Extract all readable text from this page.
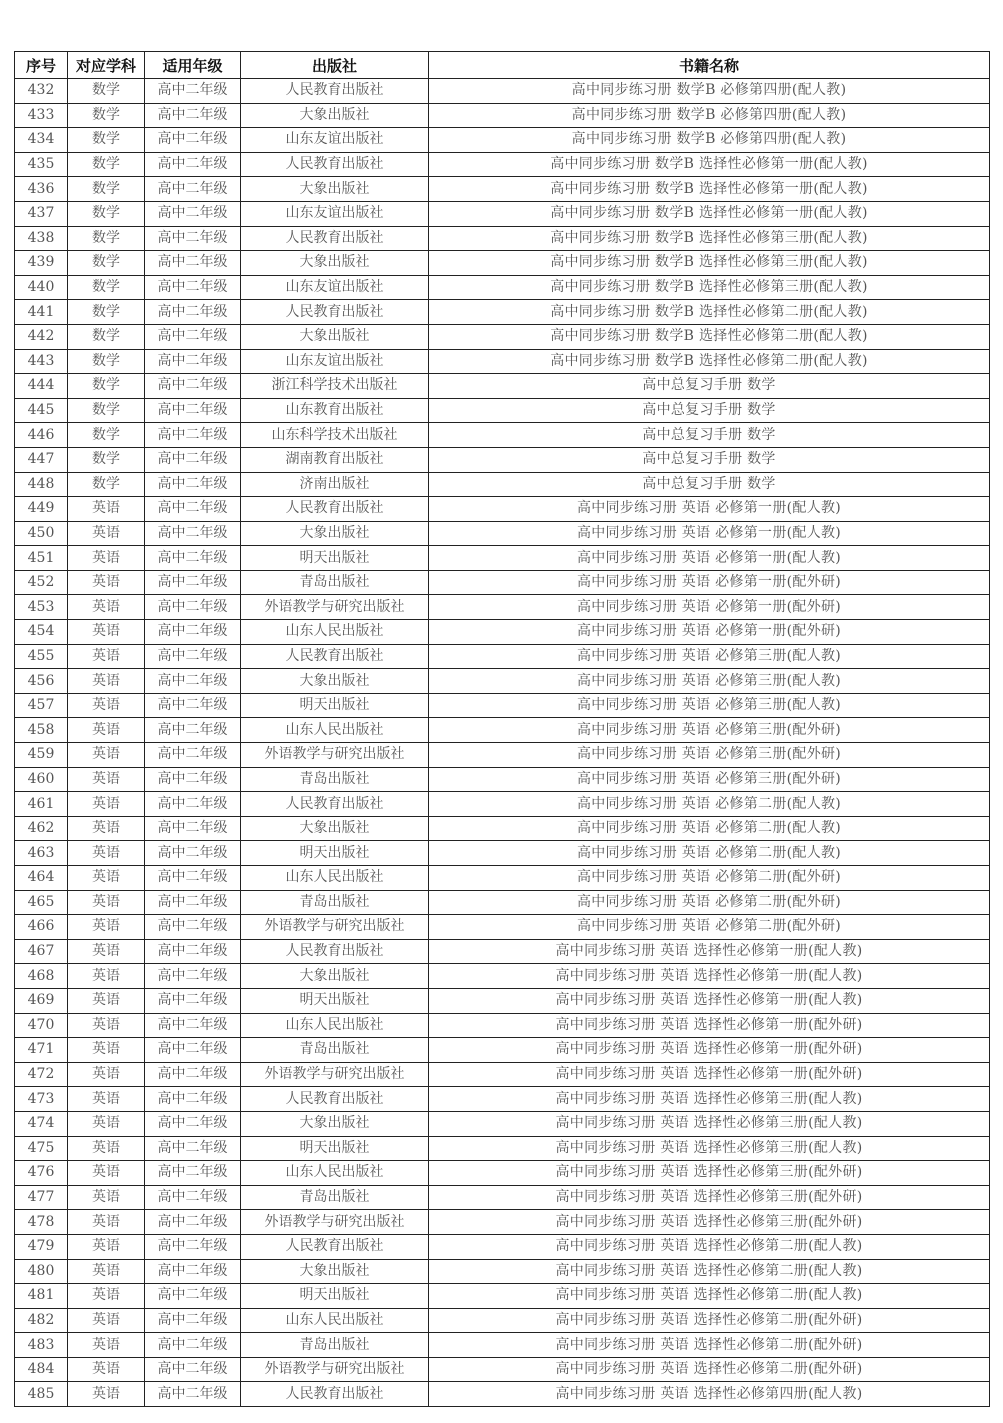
序号	对应学科	适用年级	出版社	书籍名称
432	数学	高中二年级	人民教育出版社	高中同步练习册 数学B 必修第四册(配人教)
433	数学	高中二年级	大象出版社	高中同步练习册 数学B 必修第四册(配人教)
434	数学	高中二年级	山东友谊出版社	高中同步练习册 数学B 必修第四册(配人教)
435	数学	高中二年级	人民教育出版社	高中同步练习册 数学B 选择性必修第一册(配人教)
436	数学	高中二年级	大象出版社	高中同步练习册 数学B 选择性必修第一册(配人教)
437	数学	高中二年级	山东友谊出版社	高中同步练习册 数学B 选择性必修第一册(配人教)
438	数学	高中二年级	人民教育出版社	高中同步练习册 数学B 选择性必修第三册(配人教)
439	数学	高中二年级	大象出版社	高中同步练习册 数学B 选择性必修第三册(配人教)
440	数学	高中二年级	山东友谊出版社	高中同步练习册 数学B 选择性必修第三册(配人教)
441	数学	高中二年级	人民教育出版社	高中同步练习册 数学B 选择性必修第二册(配人教)
442	数学	高中二年级	大象出版社	高中同步练习册 数学B 选择性必修第二册(配人教)
443	数学	高中二年级	山东友谊出版社	高中同步练习册 数学B 选择性必修第二册(配人教)
444	数学	高中二年级	浙江科学技术出版社	高中总复习手册 数学
445	数学	高中二年级	山东教育出版社	高中总复习手册 数学
446	数学	高中二年级	山东科学技术出版社	高中总复习手册 数学
447	数学	高中二年级	湖南教育出版社	高中总复习手册 数学
448	数学	高中二年级	济南出版社	高中总复习手册 数学
449	英语	高中二年级	人民教育出版社	高中同步练习册 英语 必修第一册(配人教)
450	英语	高中二年级	大象出版社	高中同步练习册 英语 必修第一册(配人教)
451	英语	高中二年级	明天出版社	高中同步练习册 英语 必修第一册(配人教)
452	英语	高中二年级	青岛出版社	高中同步练习册 英语 必修第一册(配外研)
453	英语	高中二年级	外语教学与研究出版社	高中同步练习册 英语 必修第一册(配外研)
454	英语	高中二年级	山东人民出版社	高中同步练习册 英语 必修第一册(配外研)
455	英语	高中二年级	人民教育出版社	高中同步练习册 英语 必修第三册(配人教)
456	英语	高中二年级	大象出版社	高中同步练习册 英语 必修第三册(配人教)
457	英语	高中二年级	明天出版社	高中同步练习册 英语 必修第三册(配人教)
458	英语	高中二年级	山东人民出版社	高中同步练习册 英语 必修第三册(配外研)
459	英语	高中二年级	外语教学与研究出版社	高中同步练习册 英语 必修第三册(配外研)
460	英语	高中二年级	青岛出版社	高中同步练习册 英语 必修第三册(配外研)
461	英语	高中二年级	人民教育出版社	高中同步练习册 英语 必修第二册(配人教)
462	英语	高中二年级	大象出版社	高中同步练习册 英语 必修第二册(配人教)
463	英语	高中二年级	明天出版社	高中同步练习册 英语 必修第二册(配人教)
464	英语	高中二年级	山东人民出版社	高中同步练习册 英语 必修第二册(配外研)
465	英语	高中二年级	青岛出版社	高中同步练习册 英语 必修第二册(配外研)
466	英语	高中二年级	外语教学与研究出版社	高中同步练习册 英语 必修第二册(配外研)
467	英语	高中二年级	人民教育出版社	高中同步练习册 英语 选择性必修第一册(配人教)
468	英语	高中二年级	大象出版社	高中同步练习册 英语 选择性必修第一册(配人教)
469	英语	高中二年级	明天出版社	高中同步练习册 英语 选择性必修第一册(配人教)
470	英语	高中二年级	山东人民出版社	高中同步练习册 英语 选择性必修第一册(配外研)
471	英语	高中二年级	青岛出版社	高中同步练习册 英语 选择性必修第一册(配外研)
472	英语	高中二年级	外语教学与研究出版社	高中同步练习册 英语 选择性必修第一册(配外研)
473	英语	高中二年级	人民教育出版社	高中同步练习册 英语 选择性必修第三册(配人教)
474	英语	高中二年级	大象出版社	高中同步练习册 英语 选择性必修第三册(配人教)
475	英语	高中二年级	明天出版社	高中同步练习册 英语 选择性必修第三册(配人教)
476	英语	高中二年级	山东人民出版社	高中同步练习册 英语 选择性必修第三册(配外研)
477	英语	高中二年级	青岛出版社	高中同步练习册 英语 选择性必修第三册(配外研)
478	英语	高中二年级	外语教学与研究出版社	高中同步练习册 英语 选择性必修第三册(配外研)
479	英语	高中二年级	人民教育出版社	高中同步练习册 英语 选择性必修第二册(配人教)
480	英语	高中二年级	大象出版社	高中同步练习册 英语 选择性必修第二册(配人教)
481	英语	高中二年级	明天出版社	高中同步练习册 英语 选择性必修第二册(配人教)
482	英语	高中二年级	山东人民出版社	高中同步练习册 英语 选择性必修第二册(配外研)
483	英语	高中二年级	青岛出版社	高中同步练习册 英语 选择性必修第二册(配外研)
484	英语	高中二年级	外语教学与研究出版社	高中同步练习册 英语 选择性必修第二册(配外研)
485	英语	高中二年级	人民教育出版社	高中同步练习册 英语 选择性必修第四册(配人教)
